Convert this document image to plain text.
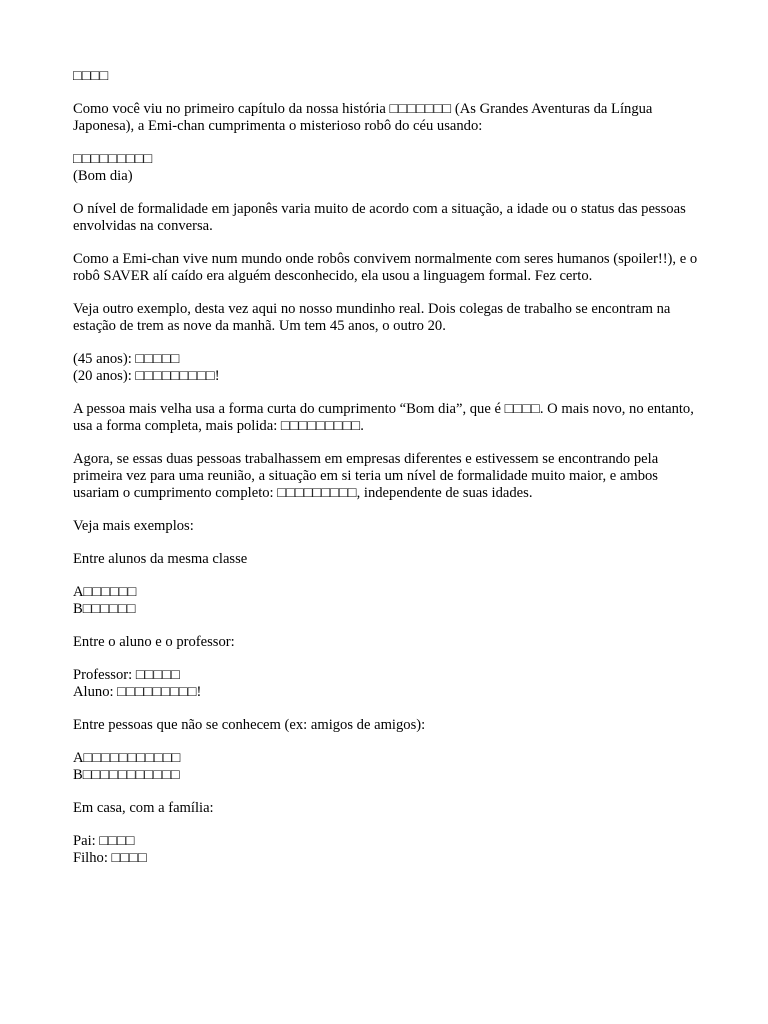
□□□□

Como você viu no primeiro capítulo da nossa história □□□□□□□ (As Grandes Aventuras da Língua Japonesa), a Emi-chan cumprimenta o misterioso robô do céu usando:

□□□□□□□□□
(Bom dia)

O nível de formalidade em japonês varia muito de acordo com a situação, a idade ou o status das pessoas envolvidas na conversa.

Como a Emi-chan vive num mundo onde robôs convivem normalmente com seres humanos (spoiler!!), e o robô SAVER alí caído era alguém desconhecido, ela usou a linguagem formal. Fez certo.

Veja outro exemplo, desta vez aqui no nosso mundinho real. Dois colegas de trabalho se encontram na estação de trem as nove da manhã. Um tem 45 anos, o outro 20.

(45 anos): □□□□□
(20 anos): □□□□□□□□□!

A pessoa mais velha usa a forma curta do cumprimento “Bom dia”, que é □□□□. O mais novo, no entanto, usa a forma completa, mais polida: □□□□□□□□□.

Agora, se essas duas pessoas trabalhassem em empresas diferentes e estivessem se encontrando pela primeira vez para uma reunião, a situação em si teria um nível de formalidade muito maior, e ambos usariam o cumprimento completo: □□□□□□□□□, independente de suas idades.

Veja mais exemplos:

Entre alunos da mesma classe

A□□□□□□
B□□□□□□

Entre o aluno e o professor:

Professor: □□□□□
Aluno: □□□□□□□□□!

Entre pessoas que não se conhecem (ex: amigos de amigos):

A□□□□□□□□□□□
B□□□□□□□□□□□

Em casa, com a família:

Pai: □□□□
Filho: □□□□
